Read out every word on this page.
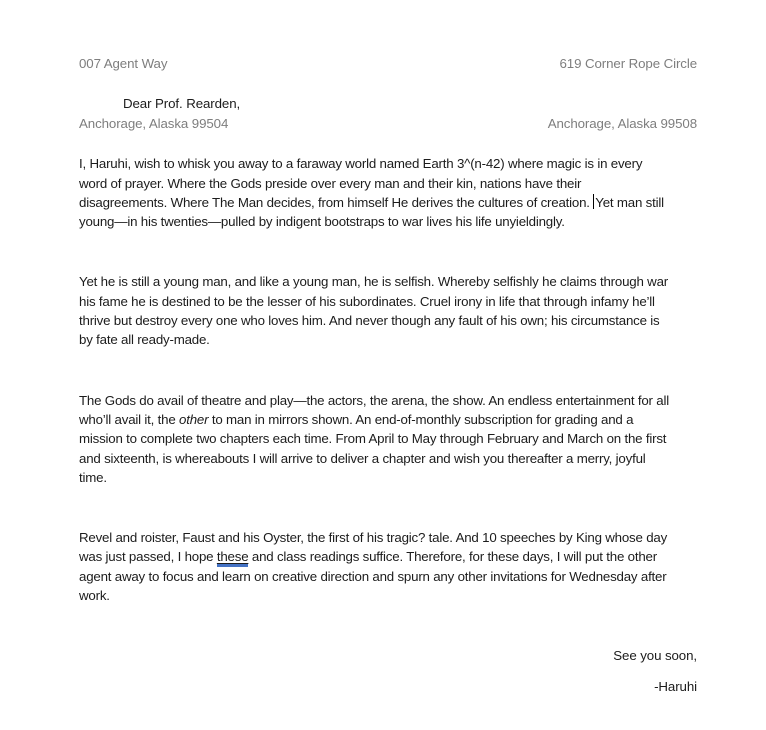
007 Agent Way

Anchorage, Alaska 99504

619 Corner Rope Circle

Anchorage, Alaska 99508

Dear Prof. Rearden,
I, Haruhi, wish to whisk you away to a faraway world named Earth 3^(n-42) where magic is in every
word of prayer. Where the Gods preside over every man and their kin, nations have their
disagreements. Where The Man decides, from himself He derives the cultures of creation. Yet man still
young—in his twenties—pulled by indigent bootstraps to war lives his life unyieldingly.
Yet he is still a young man, and like a young man, he is selfish. Whereby selfishly he claims through war
his fame he is destined to be the lesser of his subordinates. Cruel irony in life that through infamy he’ll
thrive but destroy every one who loves him. And never though any fault of his own; his circumstance is
by fate all ready-made.
The Gods do avail of theatre and play—the actors, the arena, the show. An endless entertainment for all
who’ll avail it, the other to man in mirrors shown. An end-of-monthly subscription for grading and a
mission to complete two chapters each time. From April to May through February and March on the first
and sixteenth, is whereabouts I will arrive to deliver a chapter and wish you thereafter a merry, joyful
time.
Revel and roister, Faust and his Oyster, the first of his tragic? tale. And 10 speeches by King whose day
was just passed, I hope these and class readings suffice. Therefore, for these days, I will put the other
agent away to focus and learn on creative direction and spurn any other invitations for Wednesday after
work.
See you soon,
-Haruhi
